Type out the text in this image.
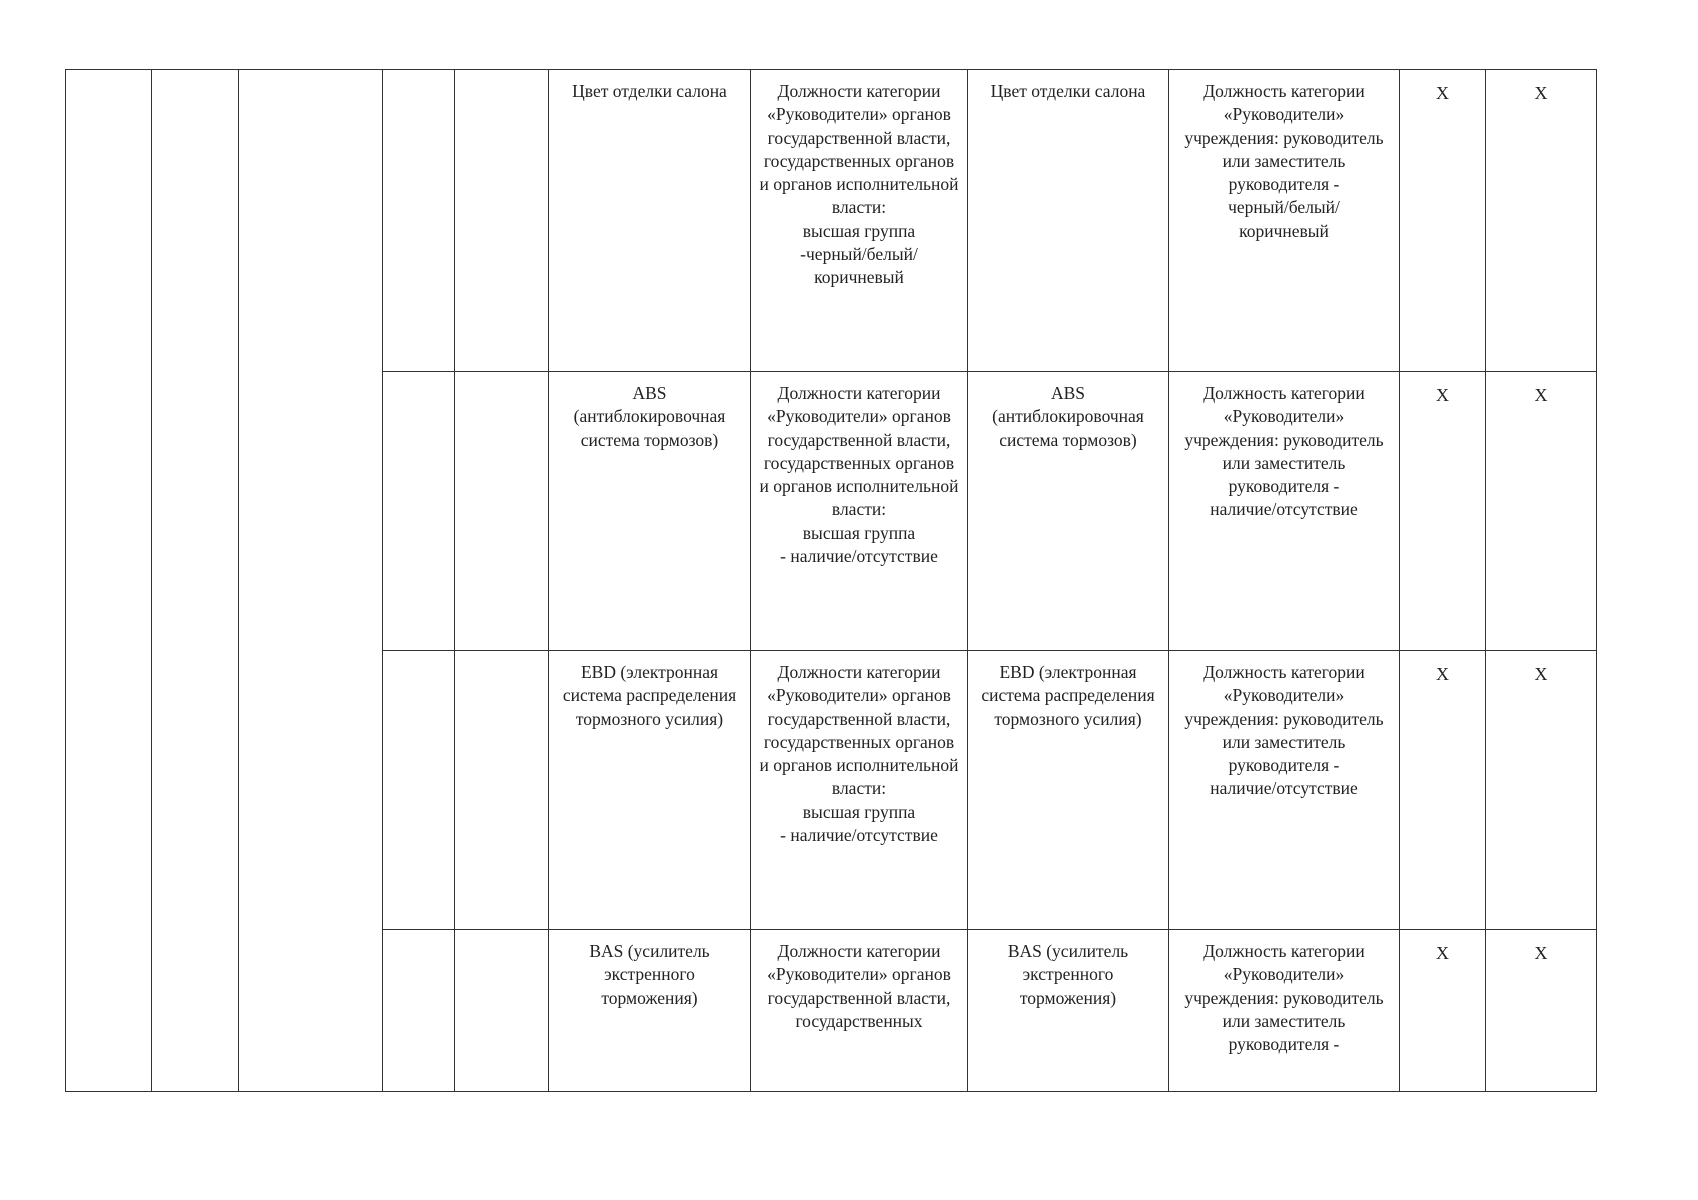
					Цвет отделки салона	Должности категории «Руководители» органов государственной власти, государственных органов и органов исполнительной власти:
высшая группа
-черный/белый/
коричневый	Цвет отделки салона	Должность категории «Руководители» учреждения: руководитель или заместитель руководителя -
черный/белый/
коричневый	X	X
					ABS (антиблокировочная система тормозов)	Должности категории «Руководители» органов государственной власти, государственных органов и органов исполнительной власти:
высшая группа
- наличие/отсутствие	ABS (антиблокировочная система тормозов)	Должность категории «Руководители» учреждения: руководитель или заместитель руководителя -
наличие/отсутствие	X	X
					EBD (электронная система распределения тормозного усилия)	Должности категории «Руководители» органов государственной власти, государственных органов и органов исполнительной власти:
высшая группа
- наличие/отсутствие	EBD (электронная система распределения тормозного усилия)	Должность категории «Руководители» учреждения: руководитель или заместитель руководителя -
наличие/отсутствие	X	X
					BAS (усилитель экстренного торможения)	Должности категории «Руководители» органов государственной власти, государственных	BAS (усилитель экстренного торможения)	Должность категории «Руководители» учреждения: руководитель или заместитель руководителя -	X	X
